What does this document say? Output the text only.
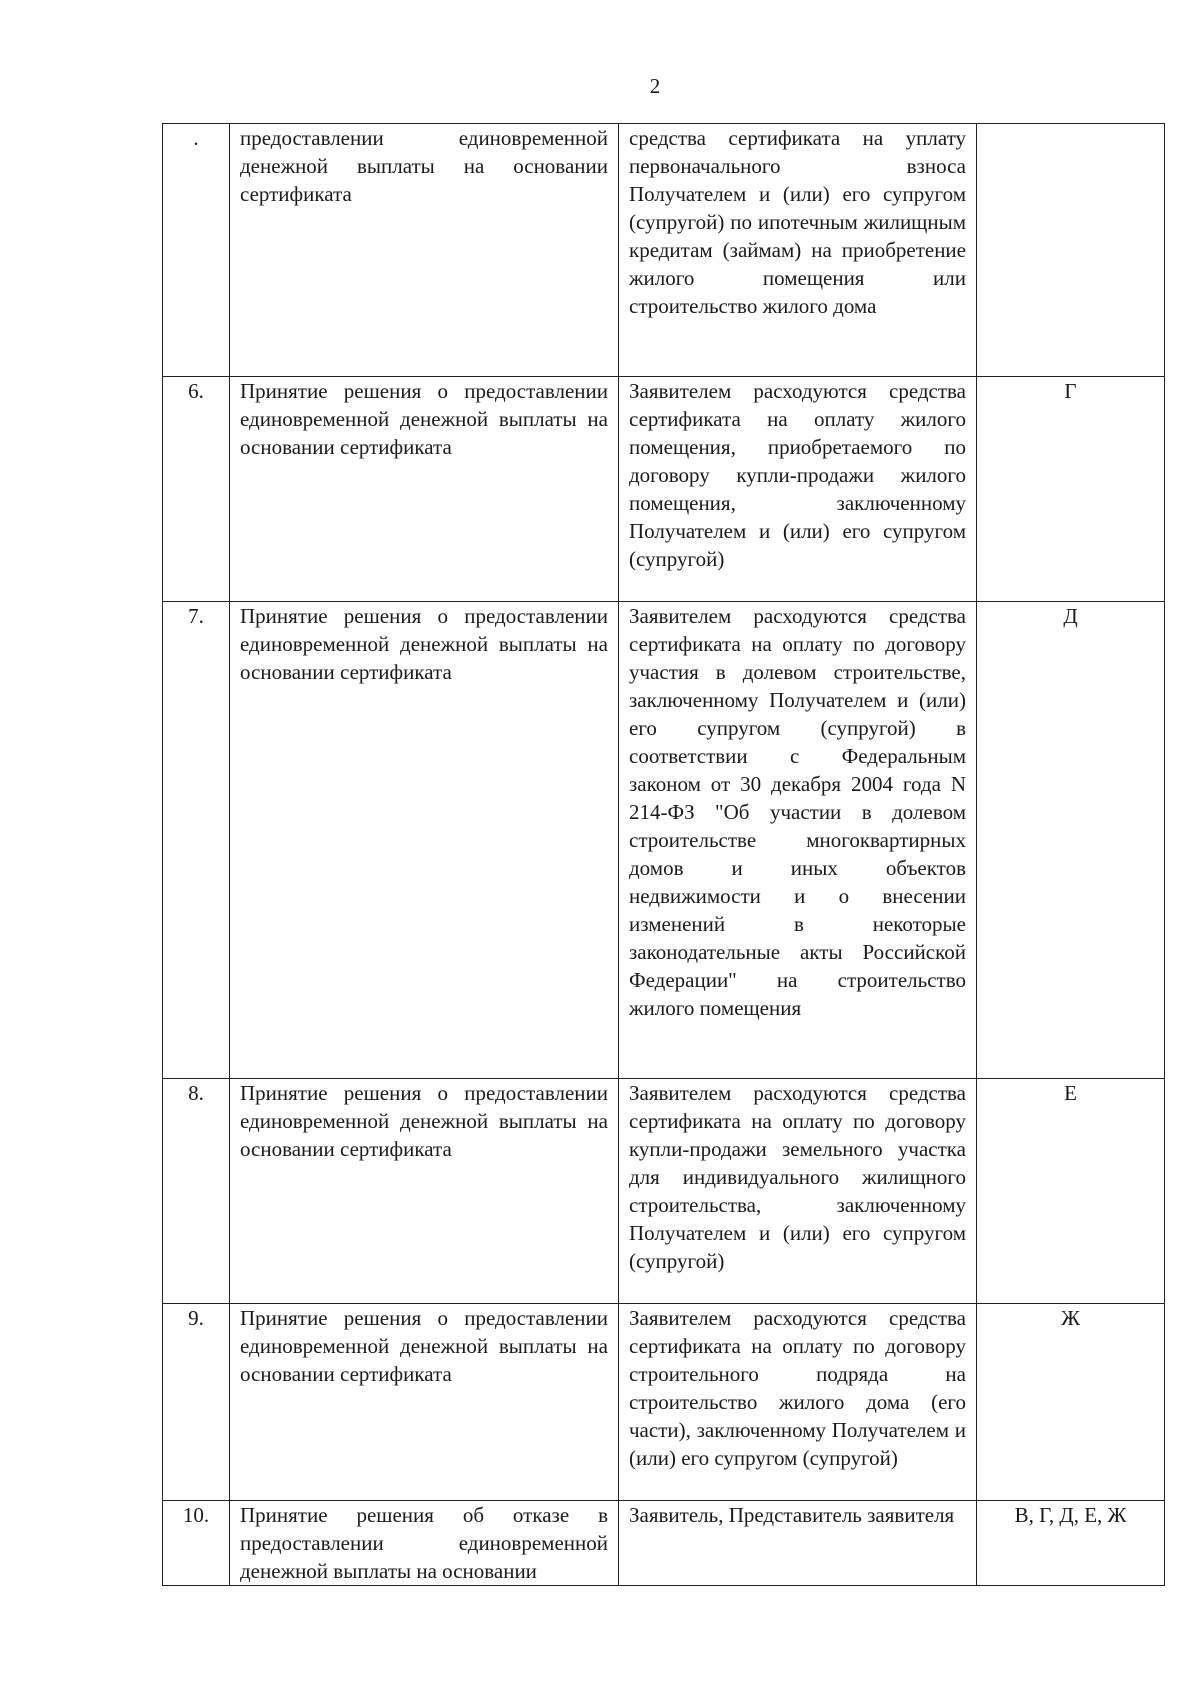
2
.	предоставлении единовременной денежной выплаты на основании сертификата	средства сертификата на уплату первоначального взноса Получателем и (или) его супругом (супругой) по ипотечным жилищным кредитам (займам) на приобретение жилого помещения или строительство жилого дома	
6.	Принятие решения о предоставлении единовременной денежной выплаты на основании сертификата	Заявителем расходуются средства сертификата на оплату жилого помещения, приобретаемого по договору купли-продажи жилого помещения, заключенному Получателем и (или) его супругом (супругой)	Г
7.	Принятие решения о предоставлении единовременной денежной выплаты на основании сертификата	Заявителем расходуются средства сертификата на оплату по договору участия в долевом строительстве, заключенному Получателем и (или) его супругом (супругой) в соответствии с Федеральным законом от 30 декабря 2004 года N 214-ФЗ "Об участии в долевом строительстве многоквартирных домов и иных объектов недвижимости и о внесении изменений в некоторые законодательные акты Российской Федерации" на строительство жилого помещения	Д
8.	Принятие решения о предоставлении единовременной денежной выплаты на основании сертификата	Заявителем расходуются средства сертификата на оплату по договору купли-продажи земельного участка для индивидуального жилищного строительства, заключенному Получателем и (или) его супругом (супругой)	Е
9.	Принятие решения о предоставлении единовременной денежной выплаты на основании сертификата	Заявителем расходуются средства сертификата на оплату по договору строительного подряда на строительство жилого дома (его части), заключенному Получателем и (или) его супругом (супругой)	Ж
10.	Принятие решения об отказе в предоставлении единовременной денежной выплаты на основании	Заявитель, Представитель заявителя	В, Г, Д, Е, Ж
